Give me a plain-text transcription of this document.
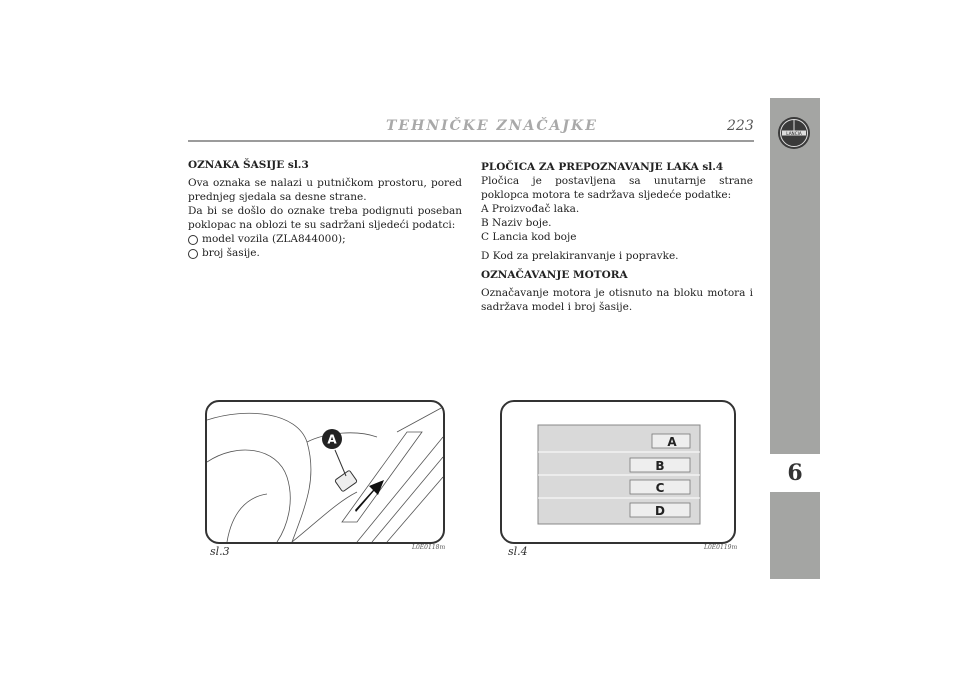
TEHNIČKE ZNAČAJKE	223	LANCIA
6

OZNAKA ŠASIJE sl.3

Ova oznaka se nalazi u putničkom prostoru, pored prednjeg sjedala sa desne strane.

Da bi se došlo do oznake treba podignuti poseban poklopac na oblozi te su sadržani sljedeći podatci:

model vozila (ZLA844000);
broj šasije.

PLOČICA ZA PREPOZNAVANJE LAKA sl.4

Pločica je postavljena sa unutarnje strane poklopca motora te sadržava sljedeće podatke:

A Proizvođač laka.

B Naziv boje.

C Lancia kod boje

D Kod za prelakiranvanje i popravke.

OZNAČAVANJE MOTORA

Označavanje motora je otisnuto na bloku motora i sadržava model i broj šasije.

A
sl.3	L0E0118m
A
B
C
D
sl.4	L0E0119m
